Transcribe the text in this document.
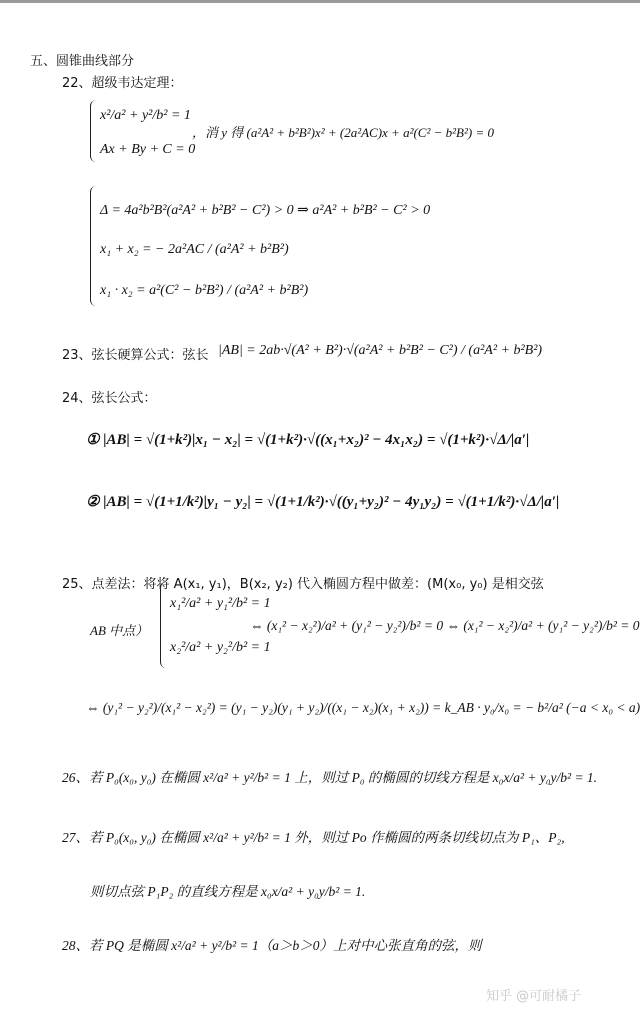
五、圆锥曲线部分
22、超级韦达定理：
x²/a² + y²/b² = 1
Ax + By + C = 0
，消 y 得 (a²A² + b²B²)x² + (2a²AC)x + a²(C² − b²B²) = 0
Δ = 4a²b²B²(a²A² + b²B² − C²) > 0 ⇒ a²A² + b²B² − C² > 0
x₁ + x₂ = − 2a²AC / (a²A² + b²B²)
x₁ · x₂ = a²(C² − b²B²) / (a²A² + b²B²)
23、弦长硬算公式：弦长 |AB| = 2ab·√(A² + B²)·√(a²A² + b²B² − C²) / (a²A² + b²B²)
24、弦长公式：
① |AB| = √(1+k²)|x₁ − x₂| = √(1+k²)·√((x₁+x₂)² − 4x₁x₂) = √(1+k²)·√Δ/|a′|
② |AB| = √(1+1/k²)|y₁ − y₂| = √(1+1/k²)·√((y₁+y₂)² − 4y₁y₂) = √(1+1/k²)·√Δ/|a′|
25、点差法：将将 A(x₁, y₁)，B(x₂, y₂) 代入椭圆方程中做差：(M(x₀, y₀) 是相交弦
AB 中点）
x₁²/a² + y₁²/b² = 1
x₂²/a² + y₂²/b² = 1
⇔ (x₁² − x₂²)/a² + (y₁² − y₂²)/b² = 0 ⇔ (x₁² − x₂²)/a² + (y₁² − y₂²)/b² = 0
⇔ (y₁² − y₂²)/(x₁² − x₂²) = (y₁ − y₂)(y₁ + y₂)/((x₁ − x₂)(x₁ + x₂)) = k_AB · y₀/x₀ = − b²/a² (−a < x₀ < a)
26、若 P₀(x₀, y₀) 在椭圆 x²/a² + y²/b² = 1 上，则过 P₀ 的椭圆的切线方程是 x₀x/a² + y₀y/b² = 1.
27、若 P₀(x₀, y₀) 在椭圆 x²/a² + y²/b² = 1 外，则过 Po 作椭圆的两条切线切点为 P₁、P₂,
则切点弦 P₁P₂ 的直线方程是 x₀x/a² + y₀y/b² = 1.
28、若 PQ 是椭圆 x²/a² + y²/b² = 1（a＞b＞0）上对中心张直角的弦，则
知乎 @可耐橘子
